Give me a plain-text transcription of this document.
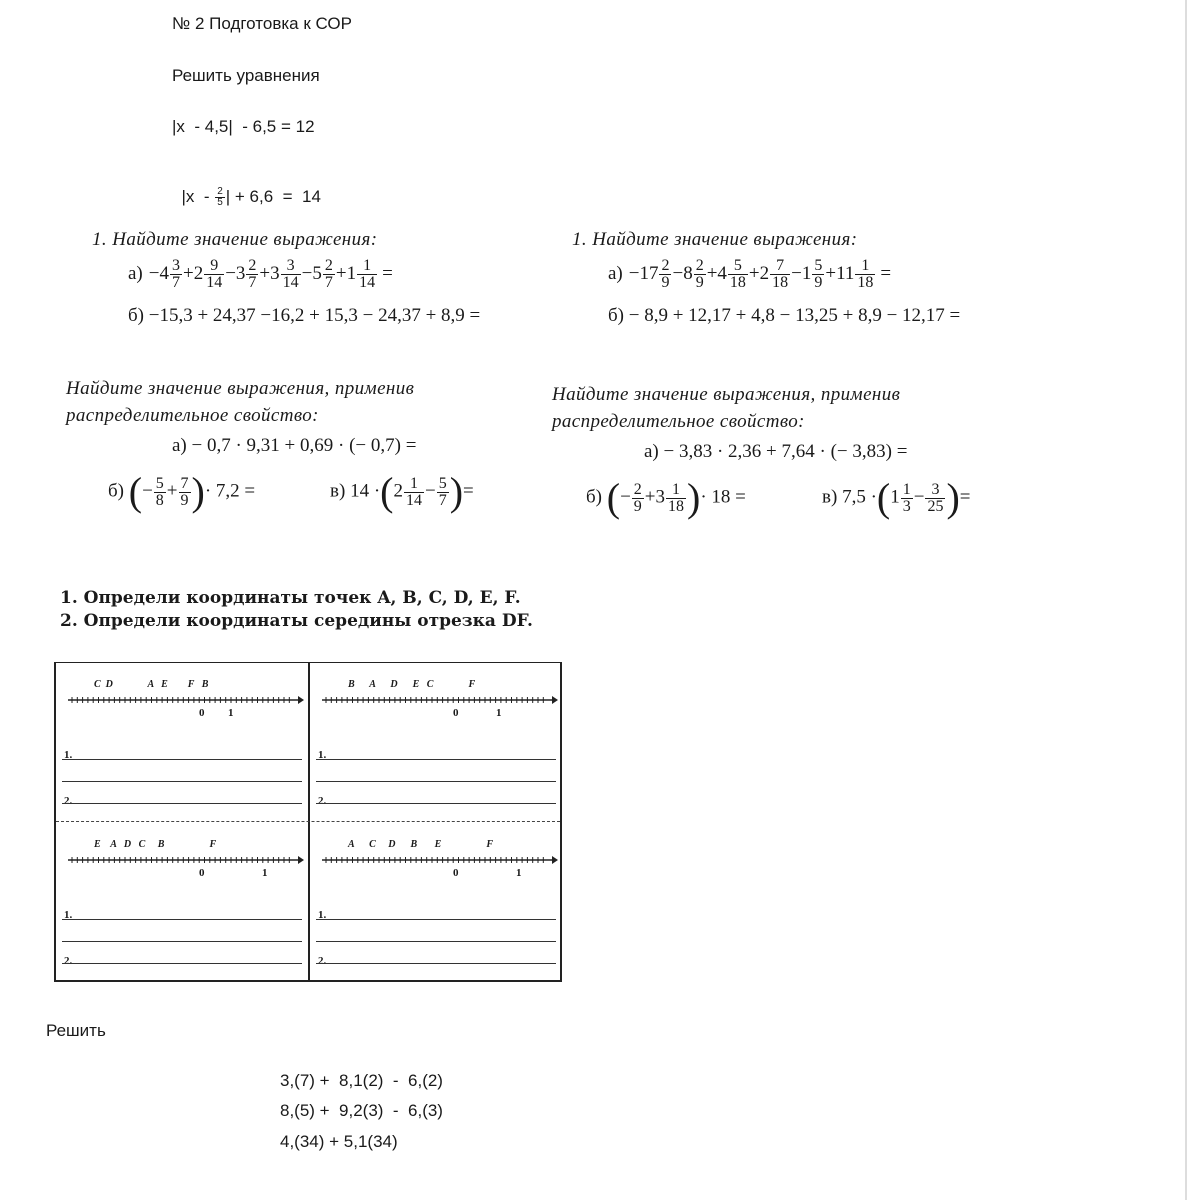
№ 2 Подготовка к СОР
Решить уравнения
|x  - 4,5|  - 6,5 = 12

$|x - \frac{2}{5}$ | + 6,6  =  14

1. Найдите значение выражения:
$а) -4 \frac{3}{7} +2 \frac{9}{14} -3 \frac{2}{7} +3 \frac{3}{14} -5 \frac{2}{7} +1 \frac{1}{14}$ =
б) −15,3 + 24,37 −16,2 + 15,3 − 24,37 + 8,9 =
1. Найдите значение выражения:
$а) -17 \frac{2}{9} -8 \frac{2}{9} +4 \frac{5}{18} +2 \frac{7}{18} -1 \frac{5}{9} +11 \frac{1}{18}$ =
б) − 8,9 + 12,17 + 4,8 − 13,25 + 8,9 − 12,17 =
Найдите значение выражения, применив
распределительное свойство:
а) − 0,7 · 9,31 + 0,69 · (− 0,7) =
б) (− $\frac{5}{8} + \frac{7}{9}$ )· 7,2 =	в) $14 \cdot(2 \frac{1}{14} - \frac{5}{7}$ )=
Найдите значение выражения, применив
распределительное свойство:
а) − 3,83 · 2,36 + 7,64 · (− 3,83) =
б) (− $\frac{2}{9} +3 \frac{1}{18}$ )· 18 =	в) $7,5 \cdot(1 \frac{1}{3} - \frac{3}{25}$ )=
1. Определи координаты точек A, B, C, D, E, F.
2. Определи координаты середины отрезка DF.
C  D              A   E        F   B
0 1
1.
2.
B      A      D      E   C              F
0	1
1.
2.
E    A   D   C     B                  F
0	1
1.
2.
A      C     D      B       E                  F
0	1
1.
2.
Решить
3,(7) +  8,1(2)  -  6,(2)
8,(5) +  9,2(3)  -  6,(3)
4,(34) + 5,1(34)
